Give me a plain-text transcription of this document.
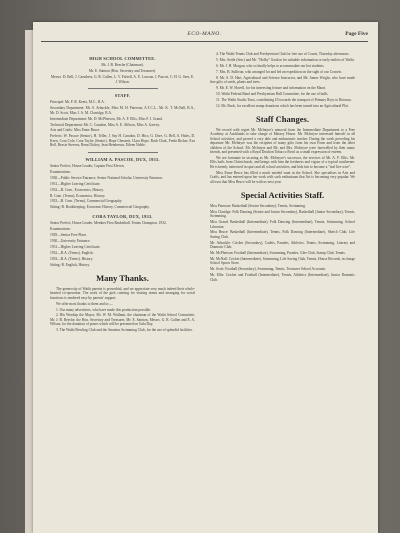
ECO-MANO.	Page Five
HIGH SCHOOL COMMITTEE.
Mr. J. B. Beeche (Chairman).
Mr. E. Sainton (Hon. Secretary and Treasurer).
Messrs. D. Bell, J. Caruthers, G. R. Cullen, L. V. Falvell, A. E. Lawson, J. Pascoe, C. H. G. Seer, E. J. Wilson.
STAFF.
Principal: Mr. F. R. Keetz, M.C., B.A.
Secondary Department: Mr. S. Arbuckle, Miss M. H. Paterson, A.T.C.L., Mr. K. T. McNall, B.A., Mr. D. Scott, Miss J. A. M. Clarridge, B.A.
Intermediate Department: Mr. D. McPherson, Mr. A. F. Ellis, Miss F. I. Grand.
Technical Department: Mr. C. Caradon, Miss A. E. Alfloon, Miss A. Garvey.
Arts and Crafts: Miss Esme Bruce.
Prefects: W. Pascoe (Senior), H. Teller, J. Say H. Caradon, D. Hiro, G. Dore, G. Bell, A. Hales, D. Keen, Cora Cole, Cora Taylor (Senior), Hope Chesnett, Clara Hope, Ruth Clark, Freda Ricker, Eva Bell, Bessie Stevens, Rena Dickey, Jean Henderson, Eileen Noble.
WILLIAM A. PASCOE, DUX, 1933.
Senior Prefect, House Leader, Captain First Eleven.
Examinations:
1930—Public Service Entrance, Senior National Scholar, University Entrance.
1931—Higher Leaving Certificate.
1932—B. Com., Economics, History.
B. Com. (Terms), Economics, History.
1933—B. Com. (Terms), Commercial Geography.
Sitting: B. Bookkeeping, Economic History, Commercial Geography.
CORA TAYLOR, DUX, 1933.
Senior Prefect, House Leader, Member First Basketball, Tennis Champion, 1932.
Examinations:
1929—Senior Free Place.
1930—University Entrance.
1931—Higher Leaving Certificate.
1932—B.A. (Terms), English.
1933—B.A. (Terms), History.
Sitting: B. English, History.
Many Thanks.
The generosity of Waihi parents is proverbial, and we appreciate very much indeed their whole-hearted co-operation. The work of the girls catering for visiting teams and arranging for social functions is rendered easy by parents' support.
We offer most thanks to them and to:—
1. Our many advertisers, who have made this production possible.
2. His Worship the Mayor, Mr. W. M. Wallnutt, the chairman of the Waihi School Committee, Mr. J. B. Beeche, the Hon. Secretary and Treasurer, Mr. E. Sainton, Messrs. G. R. Cullen and E. A. Wilson, for the donation of prizes which will be presented on Gala Day.
3. The Waihi Bowling Club and the Amateur Swimming Club, for the use of splendid facilities.
4. The Waihi Tennis Club and Presbyterian Club for free use of Courts, Thursday afternoons.
5. Mrs. Settle (Sen.) and Mr. "Holby" Gordon for valuable information re early settlers of Waihi.
6. Mr. J. H. Morgan, who so kindly helps to accommodate our hot students.
7. Mrs. B. Sullivan, who arranged for and led an expedition on the sight of our Concert.
8. Mr. S. D. Hart, Agricultural and Science Instructor, and Mr. James Wright, who have made fine gifts of seeds, plants and trees.
9. Mr. E. W. Hovell, for his interesting lecture and information on the Maori.
10. Waihi Federal Band and Presbyterian Hall Committee, for the use of halls.
11. The Waihi Studio Trust, contributing £5 towards the transport of Primary Boys to Rotorua.
12. Mr. Buck, for excellent stamp donations which has been turned into an Agricultural Plot.
Staff Changes.
We record with regret Mr. McIntyre's removal from the Intermediate Department to a Free Academy at Aucklands to take charge of Massey House. Mr. McIntyre interested himself in all School activities, and proved a very able and enthusiastic teacher. During the week preceding his departure Mr. McIntyre was the recipient of many gifts from his own Form and from the other children of the School. Mr. McIntyre and Mr. and Mrs. McIntyre were farewelled by their many friends, and presented with a Royal Doulton Tobacco Bowl as a small expression of esteem.
We are fortunate in securing as Mr. McIntyre's successor, the services of Mr. A. F. Ellis. Mr. Ellis hails from Christchurch, and brings with him the freshness and vigour of a typical southerner. He is keenly interested in sport and all school activities, and bids fair to become a "real live wire".
Miss Esme Bruce has filled a much needed want in the School. She specialises in Arts and Crafts, and has entered upon her work with such enthusiasm that Art is becoming very popular. We all trust that Miss Bruce will be with us next year.
Special Activities Staff.
Miss Paterson: Basketball (Senior Secondary), Tennis, Swimming.
Miss Claridge: Folk Dancing (Senior and Junior Secondary), Basketball (Junior Secondary), Tennis, Swimming.
Miss Grand: Basketball (Intermediate), Folk Dancing (Intermediate), Tennis, Swimming, School Librarian.
Miss Bruce: Basketball (Intermediate), Tennis, Folk Dancing (Intermediate), Sketch Club, Life Saving Club.
Mr. Arbuckle: Cricket (Secondary), Cadets, Parades, Athletics, Tennis, Swimming, Literary and Dramatic Club.
Mr. McPherson: Football (Intermediate), Swimming, Parades, Glee Club, Stamp Club, Tennis.
Mr. McNall: Cricket (Intermediate), Swimming, Life Saving Club, Tennis, House Records, in charge School Sports Store.
Mr. Scott: Football (Secondary), Swimming, Tennis, Treasurer School Accounts.
Mr. Ellis: Cricket and Football (Intermediate), Tennis, Athletics (Intermediate), Junior Dramatic Club.
